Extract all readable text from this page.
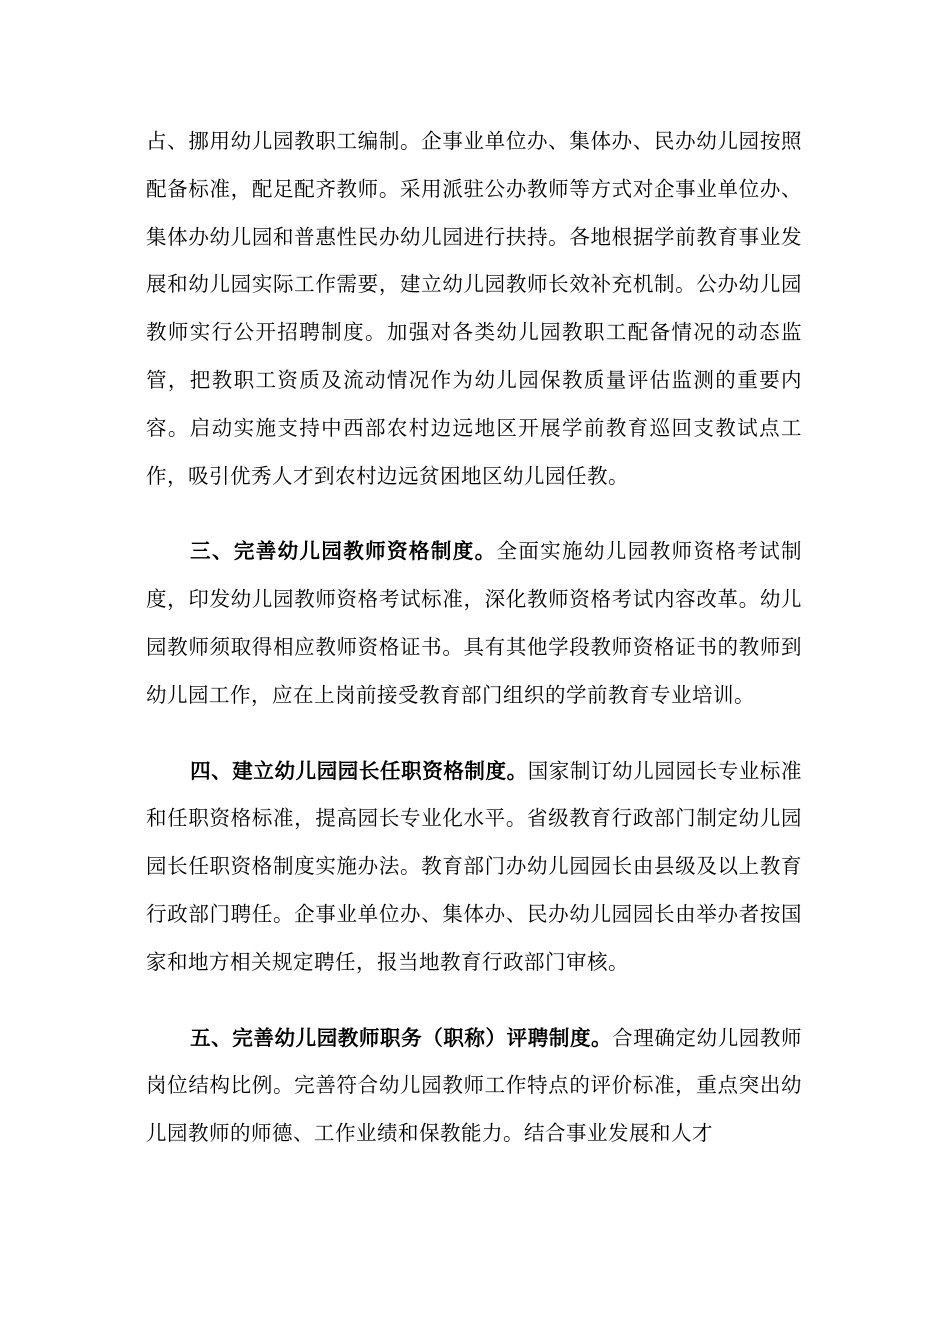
占、挪用幼儿园教职工编制。企事业单位办、集体办、民办幼儿园按照配备标准，配足配齐教师。采用派驻公办教师等方式对企事业单位办、集体办幼儿园和普惠性民办幼儿园进行扶持。各地根据学前教育事业发展和幼儿园实际工作需要，建立幼儿园教师长效补充机制。公办幼儿园教师实行公开招聘制度。加强对各类幼儿园教职工配备情况的动态监管，把教职工资质及流动情况作为幼儿园保教质量评估监测的重要内容。启动实施支持中西部农村边远地区开展学前教育巡回支教试点工作，吸引优秀人才到农村边远贫困地区幼儿园任教。

三、完善幼儿园教师资格制度。全面实施幼儿园教师资格考试制度，印发幼儿园教师资格考试标准，深化教师资格考试内容改革。幼儿园教师须取得相应教师资格证书。具有其他学段教师资格证书的教师到幼儿园工作，应在上岗前接受教育部门组织的学前教育专业培训。

四、建立幼儿园园长任职资格制度。国家制订幼儿园园长专业标准和任职资格标准，提高园长专业化水平。省级教育行政部门制定幼儿园园长任职资格制度实施办法。教育部门办幼儿园园长由县级及以上教育行政部门聘任。企事业单位办、集体办、民办幼儿园园长由举办者按国家和地方相关规定聘任，报当地教育行政部门审核。

五、完善幼儿园教师职务（职称）评聘制度。合理确定幼儿园教师岗位结构比例。完善符合幼儿园教师工作特点的评价标准，重点突出幼儿园教师的师德、工作业绩和保教能力。结合事业发展和人才
